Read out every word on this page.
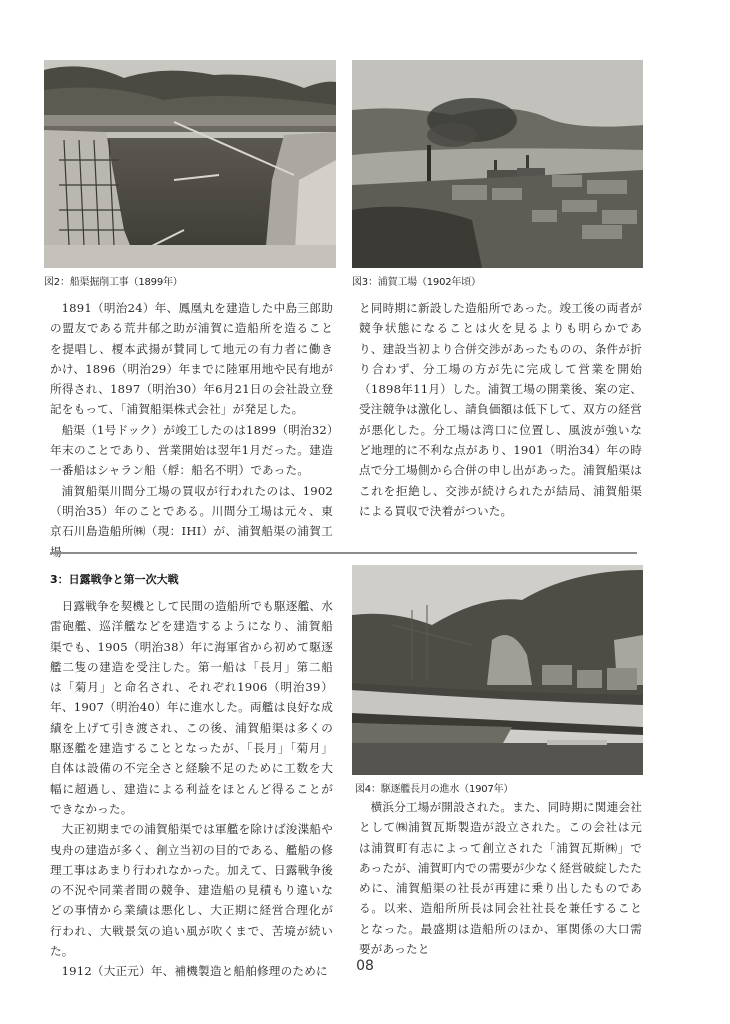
図2：船渠掘削工事（1899年）	図3：浦賀工場（1902年頃）

1891（明治24）年、鳳凰丸を建造した中島三郎助の盟友である荒井郁之助が浦賀に造船所を造ることを提唱し、榎本武揚が賛同して地元の有力者に働きかけ、1896（明治29）年までに陸軍用地や民有地が所得され、1897（明治30）年6月21日の会社設立登記をもって、「浦賀船渠株式会社」が発足した。

船渠（1号ドック）が竣工したのは1899（明治32）年末のことであり、営業開始は翌年1月だった。建造一番船はシャラン船（艀：船名不明）であった。

浦賀船渠川間分工場の買収が行われたのは、1902（明治35）年のことである。川間分工場は元々、東京石川島造船所㈱（現：IHI）が、浦賀船渠の浦賀工場

と同時期に新設した造船所であった。竣工後の両者が競争状態になることは火を見るよりも明らかであり、建設当初より合併交渉があったものの、条件が折り合わず、分工場の方が先に完成して営業を開始（1898年11月）した。浦賀工場の開業後、案の定、受注競争は激化し、請負価額は低下して、双方の経営が悪化した。分工場は湾口に位置し、風波が強いなど地理的に不利な点があり、1901（明治34）年の時点で分工場側から合併の申し出があった。浦賀船渠はこれを拒絶し、交渉が続けられたが結局、浦賀船渠による買収で決着がついた。

3：日露戦争と第一次大戦
図4：駆逐艦長月の進水（1907年）

日露戦争を契機として民間の造船所でも駆逐艦、水雷砲艦、巡洋艦などを建造するようになり、浦賀船渠でも、1905（明治38）年に海軍省から初めて駆逐艦二隻の建造を受注した。第一船は「長月」第二船は「菊月」と命名され、それぞれ1906（明治39）年、1907（明治40）年に進水した。両艦は良好な成績を上げて引き渡され、この後、浦賀船渠は多くの駆逐艦を建造することとなったが、「長月」「菊月」自体は設備の不完全さと経験不足のために工数を大幅に超過し、建造による利益をほとんど得ることができなかった。

大正初期までの浦賀船渠では軍艦を除けば浚渫船や曳舟の建造が多く、創立当初の目的である、艦船の修理工事はあまり行われなかった。加えて、日露戦争後の不況や同業者間の競争、建造船の見積もり違いなどの事情から業績は悪化し、大正期に経営合理化が行われ、大戦景気の追い風が吹くまで、苦境が続いた。

1912（大正元）年、補機製造と船舶修理のために

横浜分工場が開設された。また、同時期に関連会社として㈱浦賀瓦斯製造が設立された。この会社は元は浦賀町有志によって創立された「浦賀瓦斯㈱」であったが、浦賀町内での需要が少なく経営破綻したために、浦賀船渠の社長が再建に乗り出したものである。以来、造船所所長は同会社社長を兼任することとなった。最盛期は造船所のほか、軍関係の大口需要があったと

08
